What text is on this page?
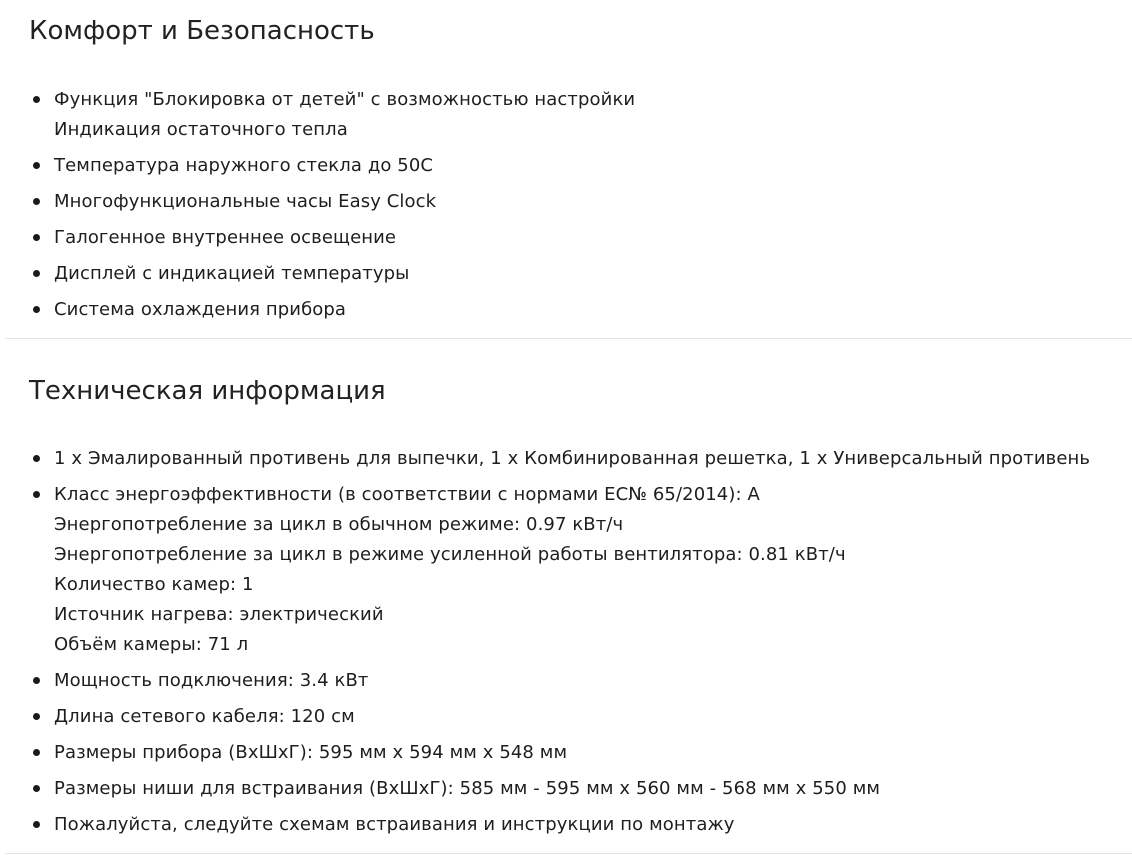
Комфорт и Безопасность
Функция "Блокировка от детей" с возможностью настройки
Индикация остаточного тепла
Температура наружного стекла до 50C
Многофункциональные часы Easy Clock
Галогенное внутреннее освещение
Дисплей с индикацией температуры
Система охлаждения прибора
Техническая информация
1 x Эмалированный противень для выпечки, 1 x Комбинированная решетка, 1 x Универсальный противень
Класс энергоэффективности (в соответствии с нормами EC№ 65/2014): A
Энергопотребление за цикл в обычном режиме: 0.97 кВт/ч
Энергопотребление за цикл в режиме усиленной работы вентилятора: 0.81 кВт/ч
Количество камер: 1
Источник нагрева: электрический
Объём камеры: 71 л
Мощность подключения: 3.4 кВт
Длина сетевого кабеля: 120 см
Размеры прибора (ВxШxГ): 595 мм x 594 мм x 548 мм
Размеры ниши для встраивания (ВxШxГ): 585 мм - 595 мм x 560 мм - 568 мм x 550 мм
Пожалуйста, следуйте схемам встраивания и инструкции по монтажу
